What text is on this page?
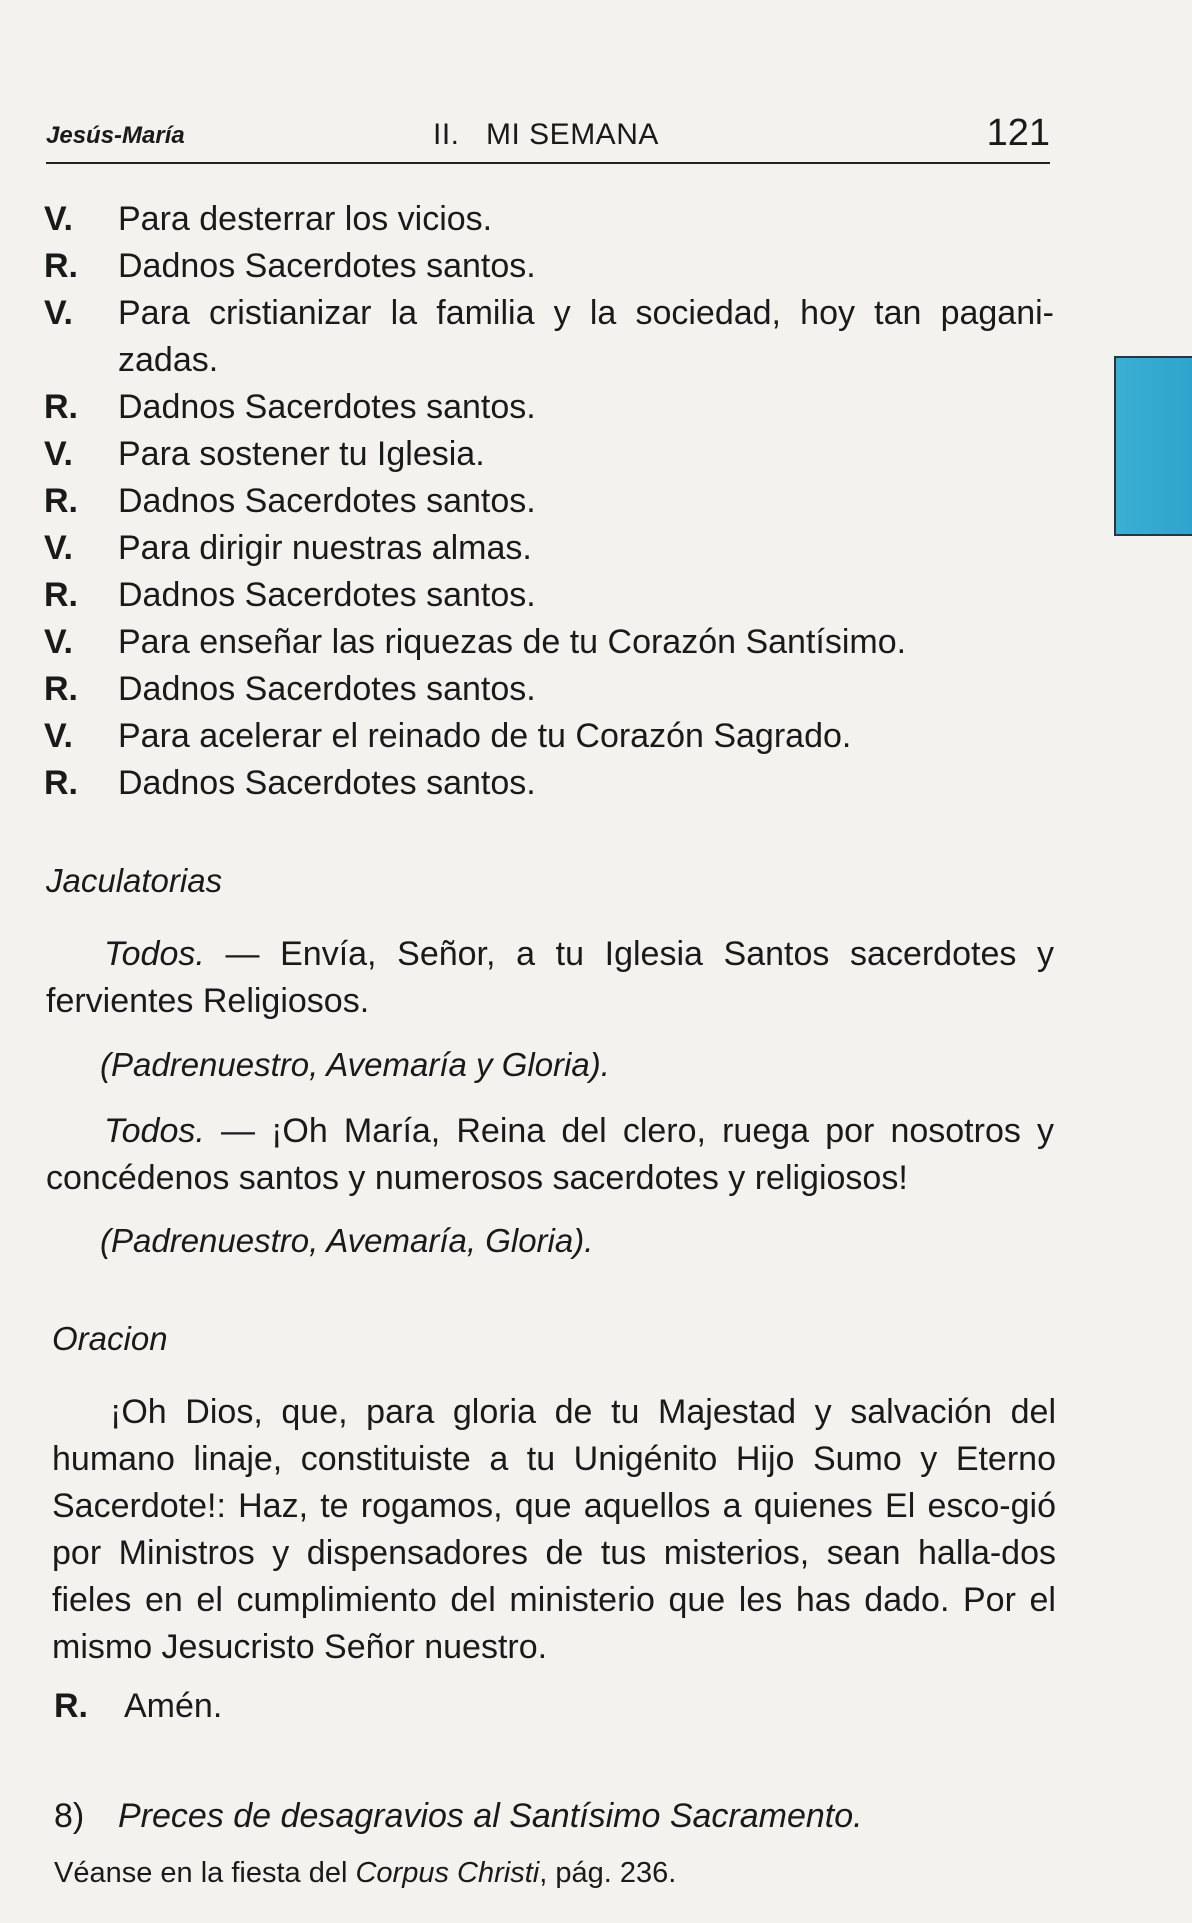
Jesús-María	II.   MI SEMANA	121
V.	Para desterrar los vicios.
R.	Dadnos Sacerdotes santos.
V.	Para cristianizar la familia y la sociedad, hoy tan pagani-
zadas.
R.	Dadnos Sacerdotes santos.
V.	Para sostener tu Iglesia.
R.	Dadnos Sacerdotes santos.
V.	Para dirigir nuestras almas.
R.	Dadnos Sacerdotes santos.
V.	Para enseñar las riquezas de tu Corazón Santísimo.
R.	Dadnos Sacerdotes santos.
V.	Para acelerar el reinado de tu Corazón Sagrado.
R.	Dadnos Sacerdotes santos.
Jaculatorias
Todos. — Envía, Señor, a tu Iglesia Santos sacerdotes y fervientes Religiosos.
(Padrenuestro, Avemaría y Gloria).
Todos. — ¡Oh María, Reina del clero, ruega por nosotros y concédenos santos y numerosos sacerdotes y religiosos!
(Padrenuestro, Avemaría, Gloria).
Oracion
¡Oh Dios, que, para gloria de tu Majestad y salvación del humano linaje, constituiste a tu Unigénito Hijo Sumo y Eterno Sacerdote!: Haz, te rogamos, que aquellos a quienes El esco-gió por Ministros y dispensadores de tus misterios, sean halla-dos fieles en el cumplimiento del ministerio que les has dado. Por el mismo Jesucristo Señor nuestro.
R.	Amén.
8) Preces de desagravios al Santísimo Sacramento.
Véanse en la fiesta del Corpus Christi, pág. 236.
